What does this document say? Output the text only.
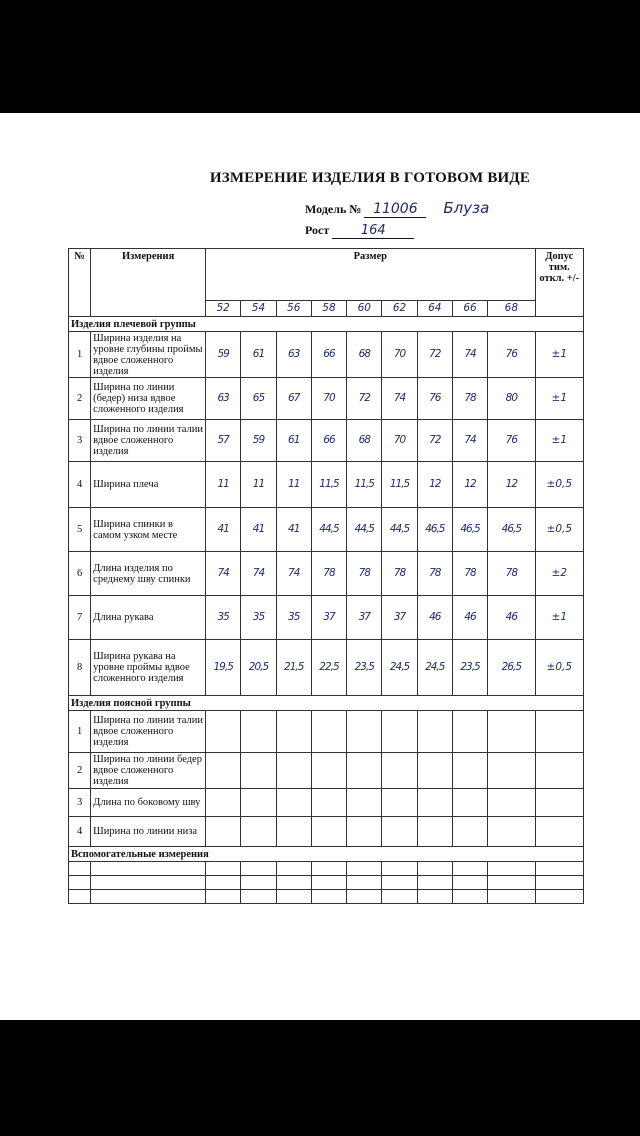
ИЗМЕРЕНИЕ ИЗДЕЛИЯ В ГОТОВОМ ВИДЕ
Модель № 11006 Блуза
Рост 164
№	Измерения	Размер									Допус тим. откл. +/-
		52	54	56	58	60	62	64	66	68	
Изделия плечевой группы											
1	Ширина изделия на уровне глубины проймы вдвое сложенного изделия	59	61	63	66	68	70	72	74	76	±1
2	Ширина по линии (бедер) низа вдвое сложенного изделия	63	65	67	70	72	74	76	78	80	±1
3	Ширина по линии талии вдвое сложенного изделия	57	59	61	66	68	70	72	74	76	±1
4	Ширина плеча	11	11	11	11,5	11,5	11,5	12	12	12	±0,5
5	Ширина спинки в самом узком месте	41	41	41	44,5	44,5	44,5	46,5	46,5	46,5	±0,5
6	Длина изделия по среднему шву спинки	74	74	74	78	78	78	78	78	78	±2
7	Длина рукава	35	35	35	37	37	37	46	46	46	±1
8	Ширина рукава на уровне проймы вдвое сложенного изделия	19,5	20,5	21,5	22,5	23,5	24,5	24,5	23,5	26,5	±0,5
Изделия поясной группы											
1	Ширина по линии талии вдвое сложенного изделия										
2	Ширина по линии бедер вдвое сложенного изделия										
3	Длина по боковому шву										
4	Ширина по линии низа										
Вспомогательные измерения											
